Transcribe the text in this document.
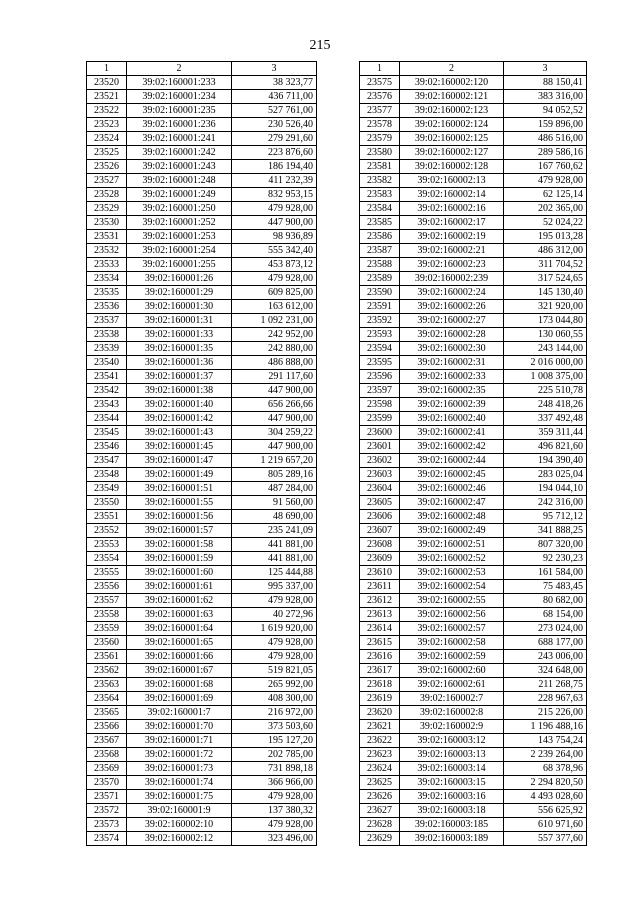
215
1	2	3
23520	39:02:160001:233	38 323,77
23521	39:02:160001:234	436 711,00
23522	39:02:160001:235	527 761,00
23523	39:02:160001:236	230 526,40
23524	39:02:160001:241	279 291,60
23525	39:02:160001:242	223 876,60
23526	39:02:160001:243	186 194,40
23527	39:02:160001:248	411 232,39
23528	39:02:160001:249	832 953,15
23529	39:02:160001:250	479 928,00
23530	39:02:160001:252	447 900,00
23531	39:02:160001:253	98 936,89
23532	39:02:160001:254	555 342,40
23533	39:02:160001:255	453 873,12
23534	39:02:160001:26	479 928,00
23535	39:02:160001:29	609 825,00
23536	39:02:160001:30	163 612,00
23537	39:02:160001:31	1 092 231,00
23538	39:02:160001:33	242 952,00
23539	39:02:160001:35	242 880,00
23540	39:02:160001:36	486 888,00
23541	39:02:160001:37	291 117,60
23542	39:02:160001:38	447 900,00
23543	39:02:160001:40	656 266,66
23544	39:02:160001:42	447 900,00
23545	39:02:160001:43	304 259,22
23546	39:02:160001:45	447 900,00
23547	39:02:160001:47	1 219 657,20
23548	39:02:160001:49	805 289,16
23549	39:02:160001:51	487 284,00
23550	39:02:160001:55	91 560,00
23551	39:02:160001:56	48 690,00
23552	39:02:160001:57	235 241,09
23553	39:02:160001:58	441 881,00
23554	39:02:160001:59	441 881,00
23555	39:02:160001:60	125 444,88
23556	39:02:160001:61	995 337,00
23557	39:02:160001:62	479 928,00
23558	39:02:160001:63	40 272,96
23559	39:02:160001:64	1 619 920,00
23560	39:02:160001:65	479 928,00
23561	39:02:160001:66	479 928,00
23562	39:02:160001:67	519 821,05
23563	39:02:160001:68	265 992,00
23564	39:02:160001:69	408 300,00
23565	39:02:160001:7	216 972,00
23566	39:02:160001:70	373 503,60
23567	39:02:160001:71	195 127,20
23568	39:02:160001:72	202 785,00
23569	39:02:160001:73	731 898,18
23570	39:02:160001:74	366 966,00
23571	39:02:160001:75	479 928,00
23572	39:02:160001:9	137 380,32
23573	39:02:160002:10	479 928,00
23574	39:02:160002:12	323 496,00
1	2	3
23575	39:02:160002:120	88 150,41
23576	39:02:160002:121	383 316,00
23577	39:02:160002:123	94 052,52
23578	39:02:160002:124	159 896,00
23579	39:02:160002:125	486 516,00
23580	39:02:160002:127	289 586,16
23581	39:02:160002:128	167 760,62
23582	39:02:160002:13	479 928,00
23583	39:02:160002:14	62 125,14
23584	39:02:160002:16	202 365,00
23585	39:02:160002:17	52 024,22
23586	39:02:160002:19	195 013,28
23587	39:02:160002:21	486 312,00
23588	39:02:160002:23	311 704,52
23589	39:02:160002:239	317 524,65
23590	39:02:160002:24	145 130,40
23591	39:02:160002:26	321 920,00
23592	39:02:160002:27	173 044,80
23593	39:02:160002:28	130 060,55
23594	39:02:160002:30	243 144,00
23595	39:02:160002:31	2 016 000,00
23596	39:02:160002:33	1 008 375,00
23597	39:02:160002:35	225 510,78
23598	39:02:160002:39	248 418,26
23599	39:02:160002:40	337 492,48
23600	39:02:160002:41	359 311,44
23601	39:02:160002:42	496 821,60
23602	39:02:160002:44	194 390,40
23603	39:02:160002:45	283 025,04
23604	39:02:160002:46	194 044,10
23605	39:02:160002:47	242 316,00
23606	39:02:160002:48	95 712,12
23607	39:02:160002:49	341 888,25
23608	39:02:160002:51	807 320,00
23609	39:02:160002:52	92 230,23
23610	39:02:160002:53	161 584,00
23611	39:02:160002:54	75 483,45
23612	39:02:160002:55	80 682,00
23613	39:02:160002:56	68 154,00
23614	39:02:160002:57	273 024,00
23615	39:02:160002:58	688 177,00
23616	39:02:160002:59	243 006,00
23617	39:02:160002:60	324 648,00
23618	39:02:160002:61	211 268,75
23619	39:02:160002:7	228 967,63
23620	39:02:160002:8	215 226,00
23621	39:02:160002:9	1 196 488,16
23622	39:02:160003:12	143 754,24
23623	39:02:160003:13	2 239 264,00
23624	39:02:160003:14	68 378,96
23625	39:02:160003:15	2 294 820,50
23626	39:02:160003:16	4 493 028,60
23627	39:02:160003:18	556 625,92
23628	39:02:160003:185	610 971,60
23629	39:02:160003:189	557 377,60
